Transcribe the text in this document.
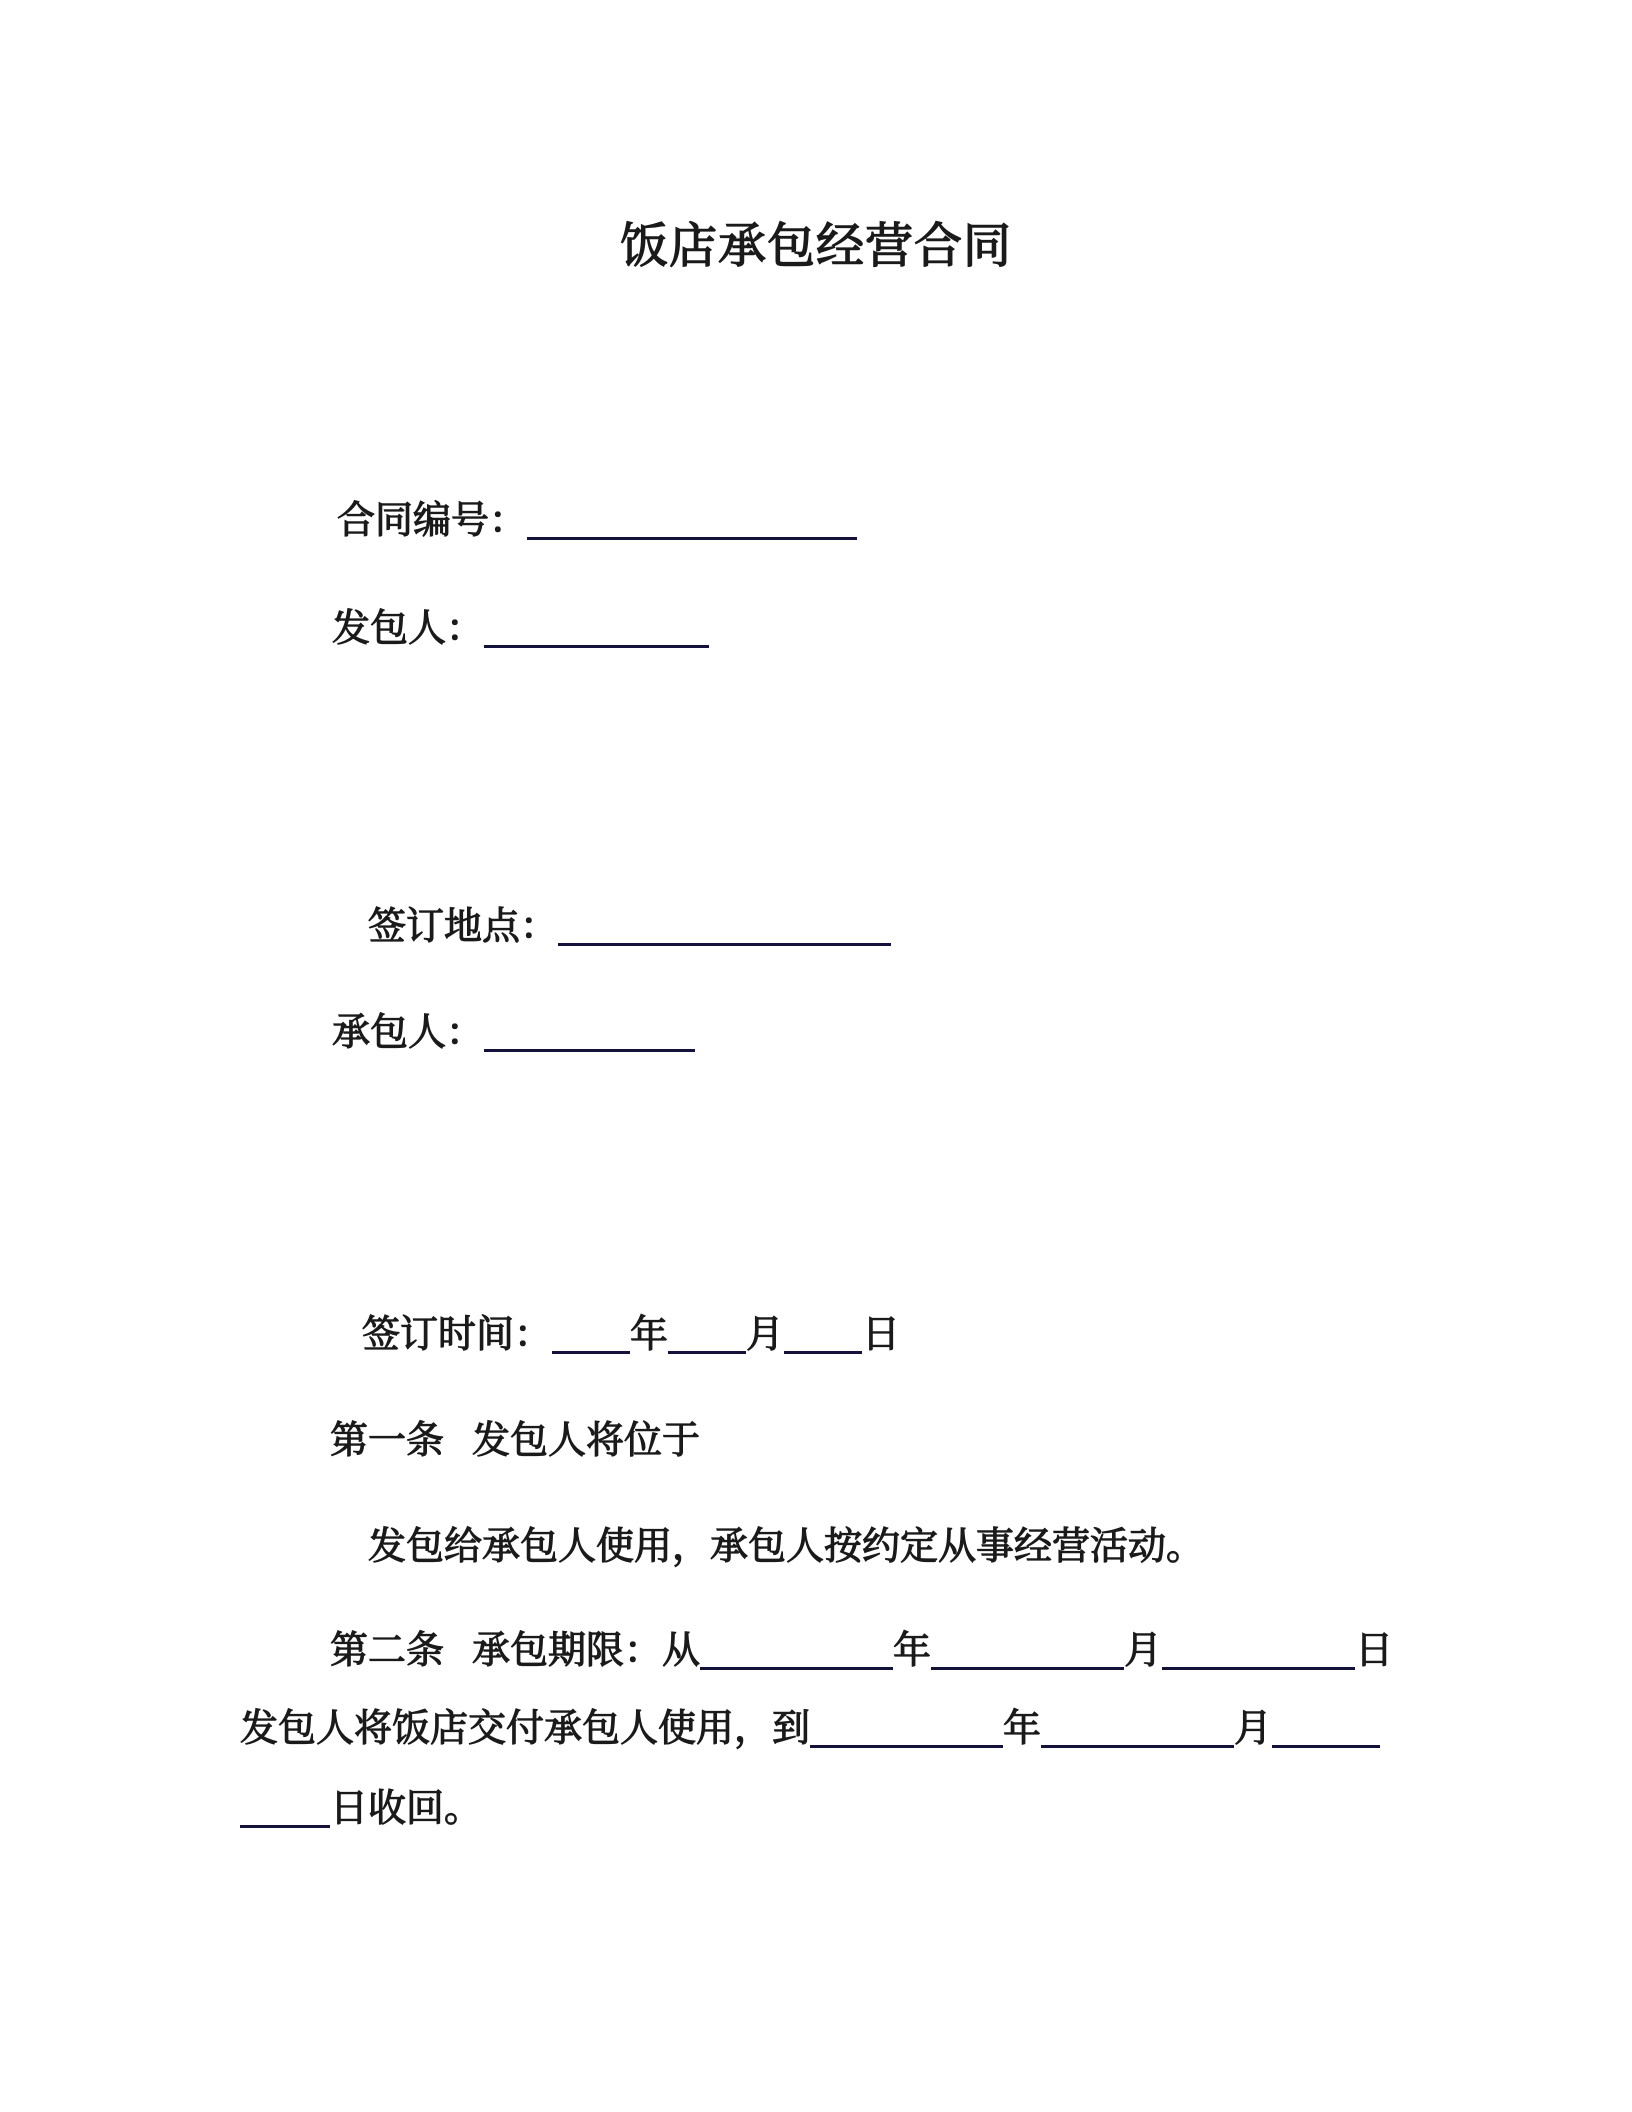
饭店承包经营合同
合同编号：
发包人：
签订地点：
承包人：
签订时间： 年 月 日
第一条 发包人将位于
发包给承包人使用，承包人按约定从事经营活动。
第二条 承包期限：从	年	月	日
发包人将饭店交付承包人使用，到	年	月
日收回。
